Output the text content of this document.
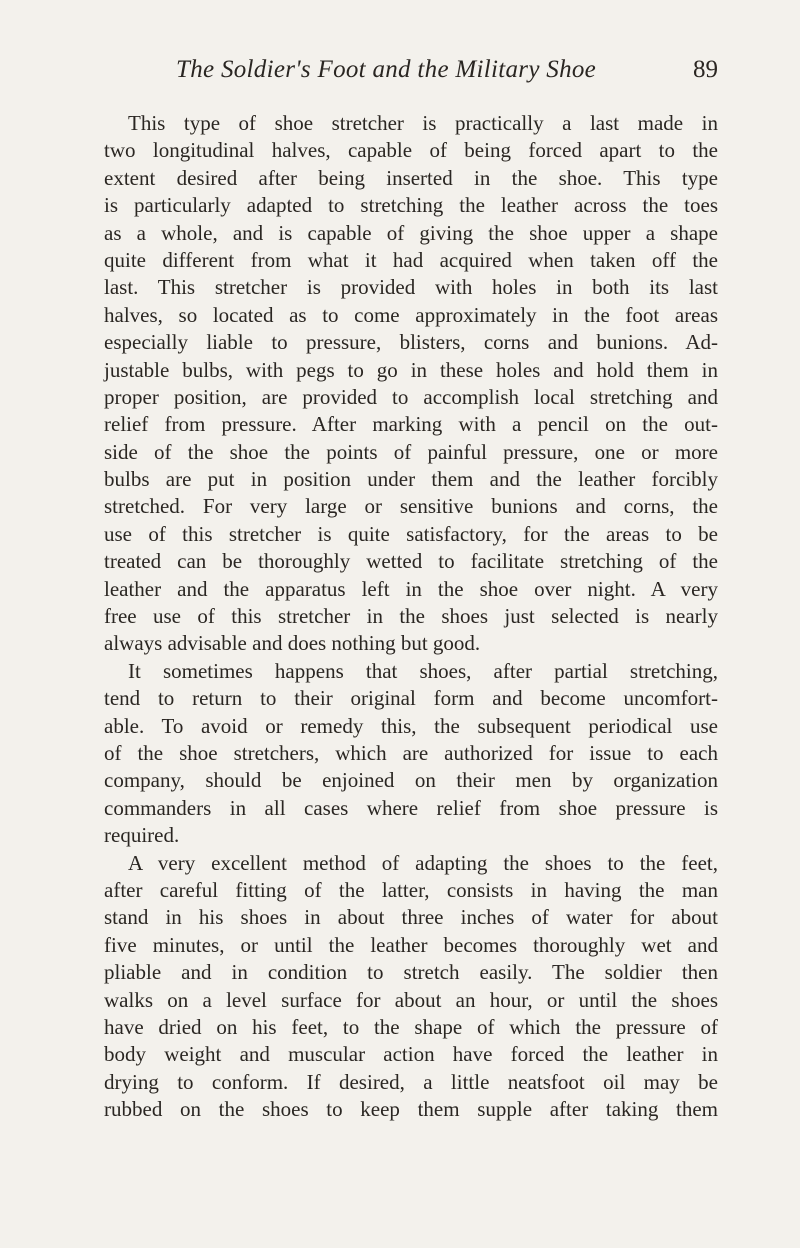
The Soldier's Foot and the Military Shoe	89
This type of shoe stretcher is practically a last made in
two longitudinal halves, capable of being forced apart to the
extent desired after being inserted in the shoe. This type
is particularly adapted to stretching the leather across the toes
as a whole, and is capable of giving the shoe upper a shape
quite different from what it had acquired when taken off the
last. This stretcher is provided with holes in both its last
halves, so located as to come approximately in the foot areas
especially liable to pressure, blisters, corns and bunions. Ad-
justable bulbs, with pegs to go in these holes and hold them in
proper position, are provided to accomplish local stretching and
relief from pressure. After marking with a pencil on the out-
side of the shoe the points of painful pressure, one or more
bulbs are put in position under them and the leather forcibly
stretched. For very large or sensitive bunions and corns, the
use of this stretcher is quite satisfactory, for the areas to be
treated can be thoroughly wetted to facilitate stretching of the
leather and the apparatus left in the shoe over night. A very
free use of this stretcher in the shoes just selected is nearly
always advisable and does nothing but good.
It sometimes happens that shoes, after partial stretching,
tend to return to their original form and become uncomfort-
able. To avoid or remedy this, the subsequent periodical use
of the shoe stretchers, which are authorized for issue to each
company, should be enjoined on their men by organization
commanders in all cases where relief from shoe pressure is
required.
A very excellent method of adapting the shoes to the feet,
after careful fitting of the latter, consists in having the man
stand in his shoes in about three inches of water for about
five minutes, or until the leather becomes thoroughly wet and
pliable and in condition to stretch easily. The soldier then
walks on a level surface for about an hour, or until the shoes
have dried on his feet, to the shape of which the pressure of
body weight and muscular action have forced the leather in
drying to conform. If desired, a little neatsfoot oil may be
rubbed on the shoes to keep them supple after taking them
